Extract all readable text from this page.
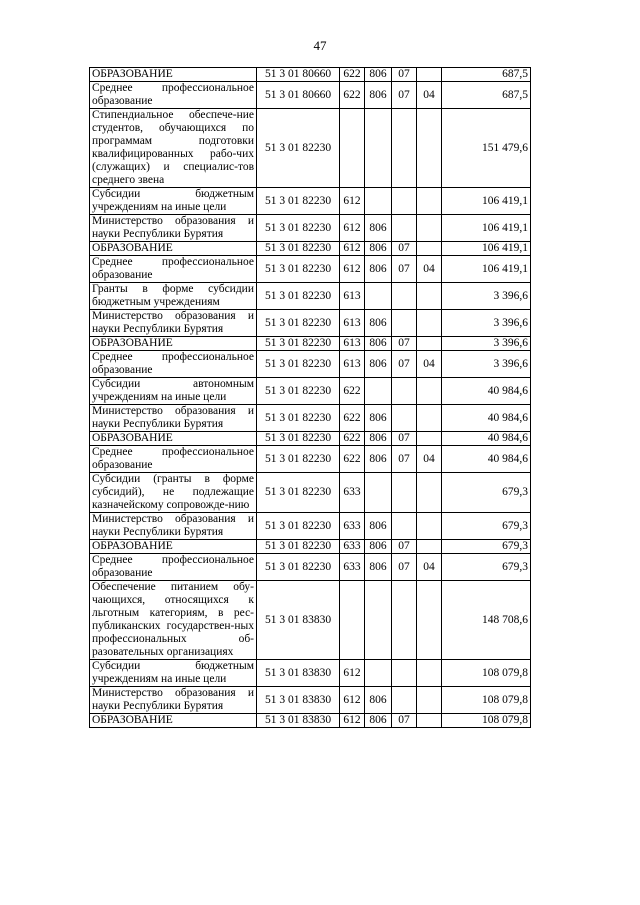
47
ОБРАЗОВАНИЕ	51 3 01 80660	622	806	07		687,5
Среднее профессиональное образование	51 3 01 80660	622	806	07	04	687,5
Стипендиальное обеспече-ние студентов, обучающихся по программам подготовки квалифицированных рабо-чих (служащих) и специалис-тов среднего звена	51 3 01 82230					151 479,6
Субсидии бюджетным учреждениям на иные цели	51 3 01 82230	612				106 419,1
Министерство образования и науки Республики Бурятия	51 3 01 82230	612	806			106 419,1
ОБРАЗОВАНИЕ	51 3 01 82230	612	806	07		106 419,1
Среднее профессиональное образование	51 3 01 82230	612	806	07	04	106 419,1
Гранты в форме субсидии бюджетным учреждениям	51 3 01 82230	613				3 396,6
Министерство образования и науки Республики Бурятия	51 3 01 82230	613	806			3 396,6
ОБРАЗОВАНИЕ	51 3 01 82230	613	806	07		3 396,6
Среднее профессиональное образование	51 3 01 82230	613	806	07	04	3 396,6
Субсидии автономным учреждениям на иные цели	51 3 01 82230	622				40 984,6
Министерство образования и науки Республики Бурятия	51 3 01 82230	622	806			40 984,6
ОБРАЗОВАНИЕ	51 3 01 82230	622	806	07		40 984,6
Среднее профессиональное образование	51 3 01 82230	622	806	07	04	40 984,6
Субсидии (гранты в форме субсидий), не подлежащие казначейскому сопровожде-нию	51 3 01 82230	633				679,3
Министерство образования и науки Республики Бурятия	51 3 01 82230	633	806			679,3
ОБРАЗОВАНИЕ	51 3 01 82230	633	806	07		679,3
Среднее профессиональное образование	51 3 01 82230	633	806	07	04	679,3
Обеспечение питанием обу-чающихся, относящихся к льготным категориям, в рес-публиканских государствен-ных профессиональных об-разовательных организациях	51 3 01 83830					148 708,6
Субсидии бюджетным учреждениям на иные цели	51 3 01 83830	612				108 079,8
Министерство образования и науки Республики Бурятия	51 3 01 83830	612	806			108 079,8
ОБРАЗОВАНИЕ	51 3 01 83830	612	806	07		108 079,8
